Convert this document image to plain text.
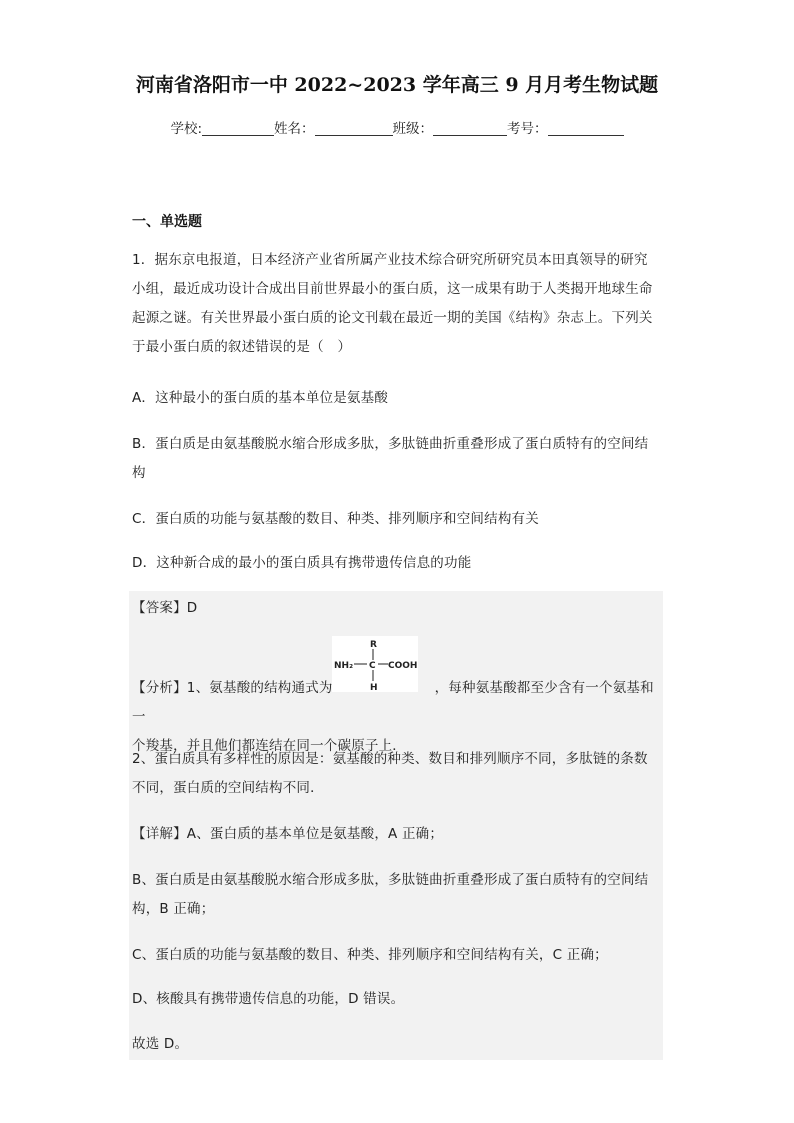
河南省洛阳市一中 2022~2023 学年高三 9 月月考生物试题
学校:	姓名：	班级：	考号：
一、单选题

1．据东京电报道，日本经济产业省所属产业技术综合研究所研究员本田真领导的研究
小组，最近成功设计合成出目前世界最小的蛋白质，这一成果有助于人类揭开地球生命
起源之谜。有关世界最小蛋白质的论文刊载在最近一期的美国《结构》杂志上。下列关
于最小蛋白质的叙述错误的是（　）

A．这种最小的蛋白质的基本单位是氨基酸

B．蛋白质是由氨基酸脱水缩合形成多肽，多肽链曲折重叠形成了蛋白质特有的空间结
构

C．蛋白质的功能与氨基酸的数目、种类、排列顺序和空间结构有关

D．这种新合成的最小的蛋白质具有携带遗传信息的功能

【答案】D

R
NH₂ C COOH
H

【分析】1、氨基酸的结构通式为	，每种氨基酸都至少含有一个氨基和一
个羧基，并且他们都连结在同一个碳原子上．

2、蛋白质具有多样性的原因是：氨基酸的种类、数目和排列顺序不同，多肽链的条数
不同，蛋白质的空间结构不同．

【详解】A、蛋白质的基本单位是氨基酸，A 正确；

B、蛋白质是由氨基酸脱水缩合形成多肽，多肽链曲折重叠形成了蛋白质特有的空间结
构，B 正确；

C、蛋白质的功能与氨基酸的数目、种类、排列顺序和空间结构有关，C 正确；

D、核酸具有携带遗传信息的功能，D 错误。

故选 D。
